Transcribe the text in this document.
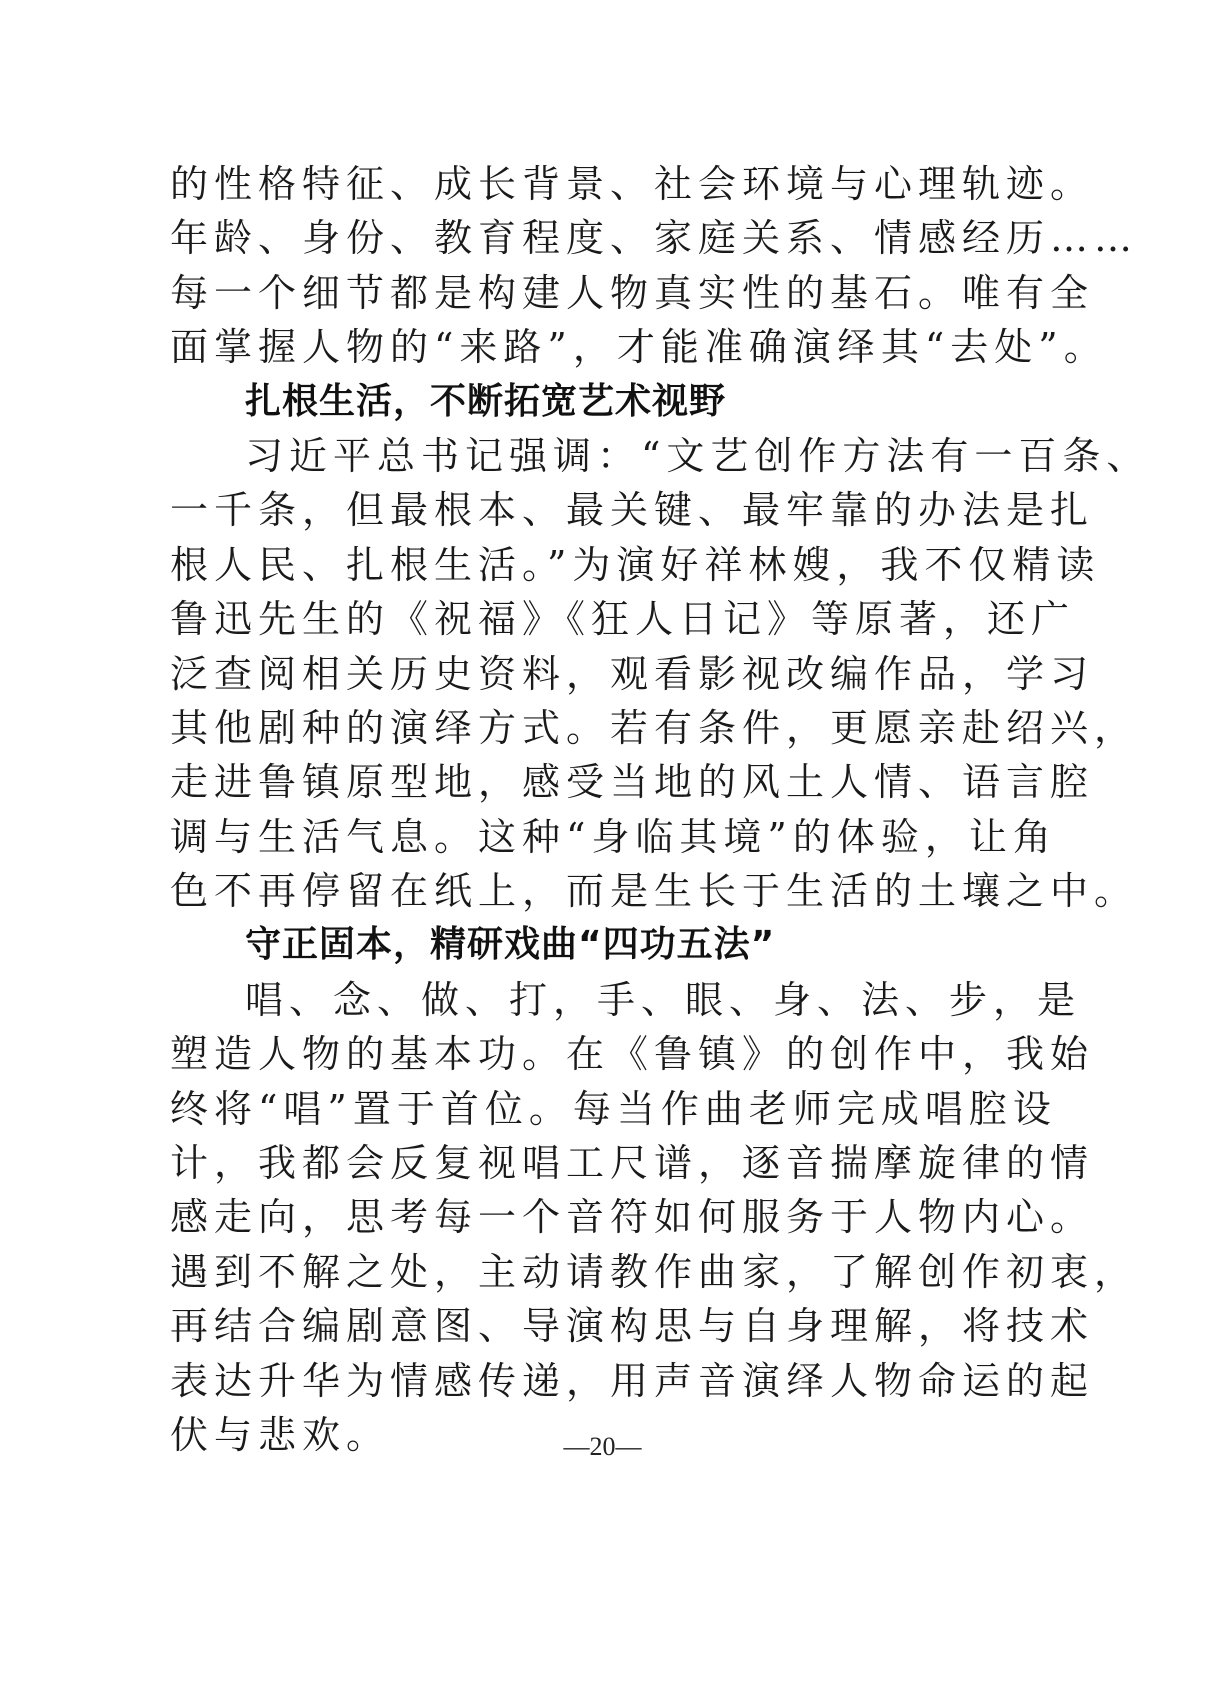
的性格特征、成长背景、社会环境与心理轨迹。
年龄、身份、教育程度、家庭关系、情感经历……
每一个细节都是构建人物真实性的基石。唯有全
面掌握人物的“来路”，才能准确演绎其“去处”。
扎根生活，不断拓宽艺术视野
习近平总书记强调：“文艺创作方法有一百条、
一千条，但最根本、最关键、最牢靠的办法是扎
根人民、扎根生活。”为演好祥林嫂，我不仅精读
鲁迅先生的《祝福》《狂人日记》等原著，还广
泛查阅相关历史资料，观看影视改编作品，学习
其他剧种的演绎方式。若有条件，更愿亲赴绍兴，
走进鲁镇原型地，感受当地的风土人情、语言腔
调与生活气息。这种“身临其境”的体验，让角
色不再停留在纸上，而是生长于生活的土壤之中。
守正固本，精研戏曲“四功五法”
唱、念、做、打，手、眼、身、法、步，是
塑造人物的基本功。在《鲁镇》的创作中，我始
终将“唱”置于首位。每当作曲老师完成唱腔设
计，我都会反复视唱工尺谱，逐音揣摩旋律的情
感走向，思考每一个音符如何服务于人物内心。
遇到不解之处，主动请教作曲家，了解创作初衷，
再结合编剧意图、导演构思与自身理解，将技术
表达升华为情感传递，用声音演绎人物命运的起
伏与悲欢。	—20—
